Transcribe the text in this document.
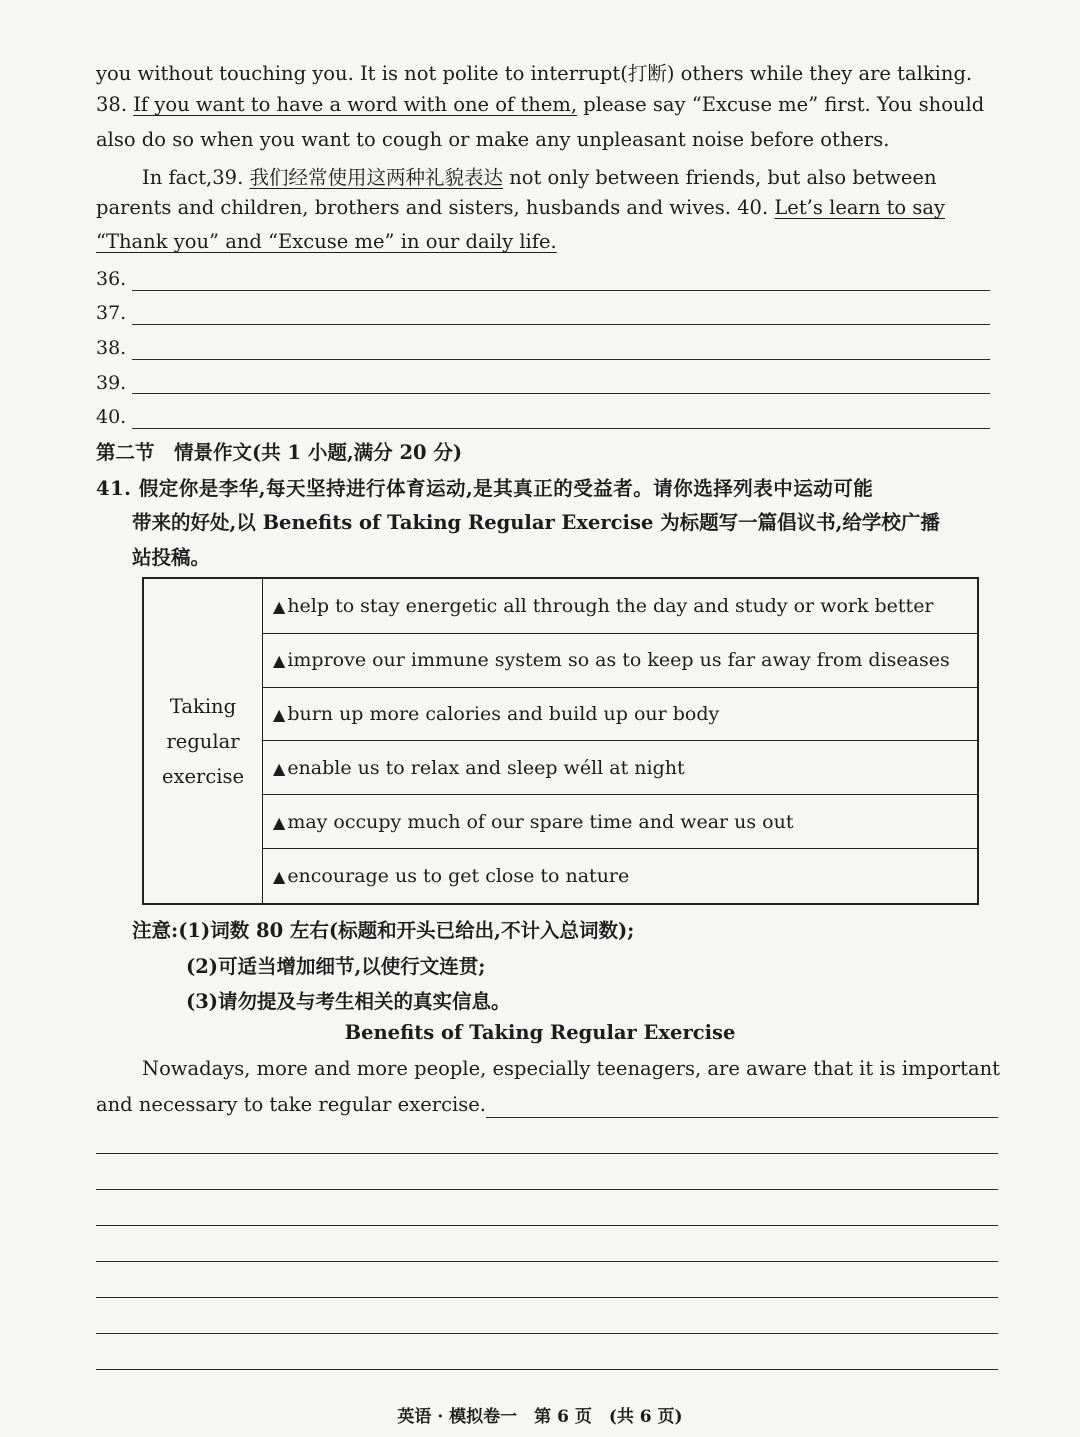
you without touching you. It is not polite to interrupt(打断) others while they are talking.
38. If you want to have a word with one of them, please say “Excuse me” first. You should
also do so when you want to cough or make any unpleasant noise before others.
In fact,39. 我们经常使用这两种礼貌表达 not only between friends, but also between
parents and children, brothers and sisters, husbands and wives. 40. Let’s learn to say
“Thank you” and “Excuse me” in our daily life.
36.
37.
38.
39.
40.
第二节　情景作文(共 1 小题,满分 20 分)
41. 假定你是李华,每天坚持进行体育运动,是其真正的受益者。请你选择列表中运动可能
带来的好处,以 Benefits of Taking Regular Exercise 为标题写一篇倡议书,给学校广播
站投稿。
Taking
regular
exercise
	▲ help to stay energetic all through the day and study or work better
▲ improve our immune system so as to keep us far away from diseases
▲ burn up more calories and build up our body
▲ enable us to relax and sleep wéll at night
▲ may occupy much of our spare time and wear us out
▲ encourage us to get close to nature
注意:(1)词数 80 左右(标题和开头已给出,不计入总词数);
(2)可适当增加细节,以使行文连贯;
(3)请勿提及与考生相关的真实信息。
Benefits of Taking Regular Exercise
Nowadays, more and more people, especially teenagers, are aware that it is important
and necessary to take regular exercise.
英语 · 模拟卷一　第 6 页　(共 6 页)
